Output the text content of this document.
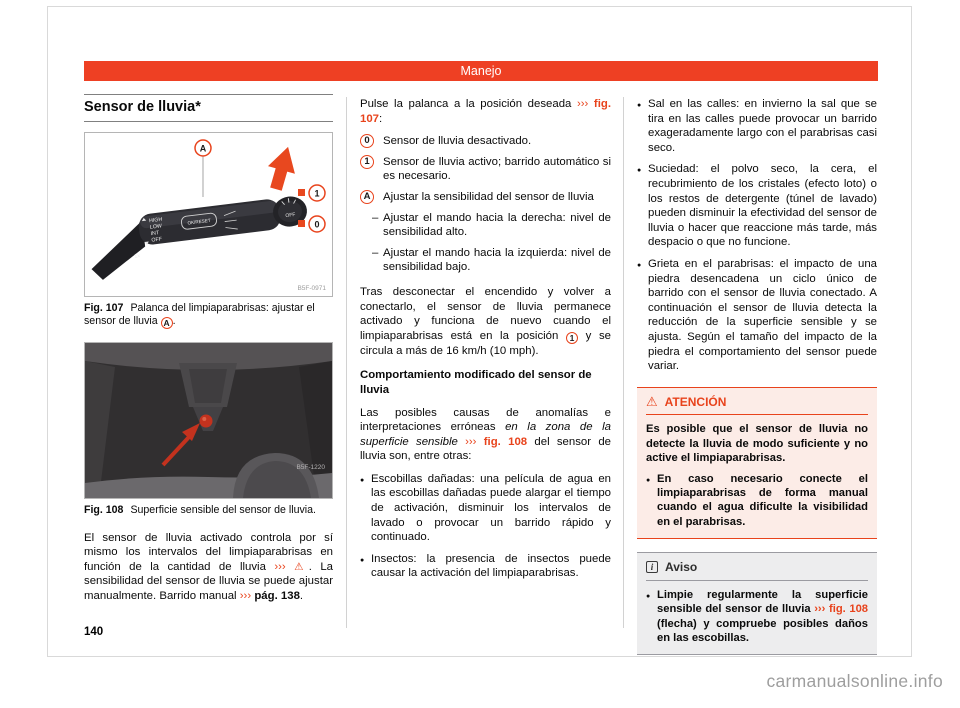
Manejo
Sensor de lluvia*
A
OFF
HIGH
LOW
INT
OFF
1x
OK/RESET
1
0
B5F-0971
Fig. 107 Palanca del limpiaparabrisas: ajustar el sensor de lluvia A .
B5F-1220
Fig. 108 Superficie sensible del sensor de lluvia.

El sensor de lluvia activado controla por sí mismo los intervalos del limpiaparabrisas en función de la cantidad de lluvia ››› ⚠. La sensibilidad del sensor de lluvia se puede ajustar manualmente. Barrido manual ››› pág. 138.

Pulse la palanca a la posición deseada ››› fig. 107:

0	Sensor de lluvia desactivado.
1	Sensor de lluvia activo; barrido automático si es necesario.
A	Ajustar la sensibilidad del sensor de lluvia
– Ajustar el mando hacia la derecha: nivel de sensibilidad alto.
– Ajustar el mando hacia la izquierda: nivel de sensibilidad bajo.

Tras desconectar el encendido y volver a conectarlo, el sensor de lluvia permanece activado y funciona de nuevo cuando el limpiaparabrisas está en la posición 1 y se circula a más de 16 km/h (10 mph).

Comportamiento modificado del sensor de lluvia

Las posibles causas de anomalías e interpretaciones erróneas en la zona de la superficie sensible ››› fig. 108 del sensor de lluvia son, entre otras:

● Escobillas dañadas: una película de agua en las escobillas dañadas puede alargar el tiempo de activación, disminuir los intervalos de lavado o provocar un barrido rápido y continuado.
● Insectos: la presencia de insectos puede causar la activación del limpiaparabrisas.
● Sal en las calles: en invierno la sal que se tira en las calles puede provocar un barrido exageradamente largo con el parabrisas casi seco.
● Suciedad: el polvo seco, la cera, el recubrimiento de los cristales (efecto loto) o los restos de detergente (túnel de lavado) pueden disminuir la efectividad del sensor de lluvia o hacer que reaccione más tarde, más despacio o que no funcione.
● Grieta en el parabrisas: el impacto de una piedra desencadena un ciclo único de barrido con el sensor de lluvia conectado. A continuación el sensor de lluvia detecta la reducción de la superficie sensible y se ajusta. Según el tamaño del impacto de la piedra el comportamiento del sensor puede variar.
⚠ ATENCIÓN

Es posible que el sensor de lluvia no detecte la lluvia de modo suficiente y no active el limpiaparabrisas.

● En caso necesario conecte el limpiaparabrisas de forma manual cuando el agua dificulte la visibilidad en el parabrisas.
i Aviso
● Limpie regularmente la superficie sensible del sensor de lluvia ››› fig. 108 (flecha) y compruebe posibles daños en las escobillas.
140
carmanualsonline.info
